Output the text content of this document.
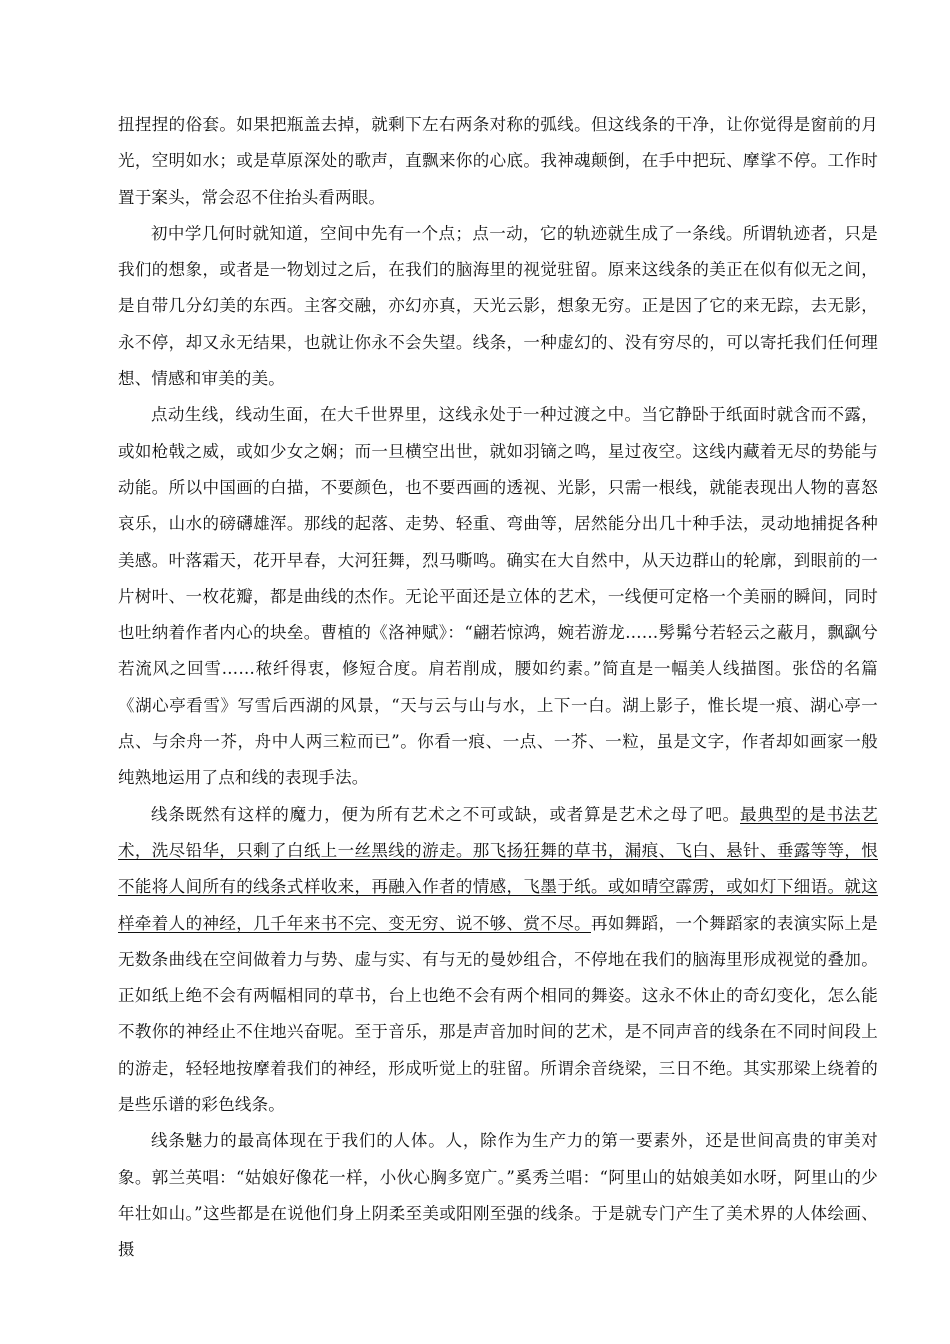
扭捏捏的俗套。如果把瓶盖去掉，就剩下左右两条对称的弧线。但这线条的干净，让你觉得是窗前的月光，空明如水；或是草原深处的歌声，直飘来你的心底。我神魂颠倒，在手中把玩、摩挲不停。工作时置于案头，常会忍不住抬头看两眼。

初中学几何时就知道，空间中先有一个点；点一动，它的轨迹就生成了一条线。所谓轨迹者，只是我们的想象，或者是一物划过之后，在我们的脑海里的视觉驻留。原来这线条的美正在似有似无之间，是自带几分幻美的东西。主客交融，亦幻亦真，天光云影，想象无穷。正是因了它的来无踪，去无影，永不停，却又永无结果，也就让你永不会失望。线条，一种虚幻的、没有穷尽的，可以寄托我们任何理想、情感和审美的美。

点动生线，线动生面，在大千世界里，这线永处于一种过渡之中。当它静卧于纸面时就含而不露，或如枪戟之威，或如少女之娴；而一旦横空出世，就如羽镝之鸣，星过夜空。这线内藏着无尽的势能与动能。所以中国画的白描，不要颜色，也不要西画的透视、光影，只需一根线，就能表现出人物的喜怒哀乐，山水的磅礴雄浑。那线的起落、走势、轻重、弯曲等，居然能分出几十种手法，灵动地捕捉各种美感。叶落霜天，花开早春，大河狂舞，烈马嘶鸣。确实在大自然中，从天边群山的轮廓，到眼前的一片树叶、一枚花瓣，都是曲线的杰作。无论平面还是立体的艺术，一线便可定格一个美丽的瞬间，同时也吐纳着作者内心的块垒。曹植的《洛神赋》：“翩若惊鸿，婉若游龙……髣髴兮若轻云之蔽月，飘飖兮若流风之回雪……秾纤得衷，修短合度。肩若削成，腰如约素。”简直是一幅美人线描图。张岱的名篇《湖心亭看雪》写雪后西湖的风景，“天与云与山与水，上下一白。湖上影子，惟长堤一痕、湖心亭一点、与余舟一芥，舟中人两三粒而已”。你看一痕、一点、一芥、一粒，虽是文字，作者却如画家一般纯熟地运用了点和线的表现手法。

线条既然有这样的魔力，便为所有艺术之不可或缺，或者算是艺术之母了吧。最典型的是书法艺术，洗尽铅华，只剩了白纸上一丝黑线的游走。那飞扬狂舞的草书，漏痕、飞白、悬针、垂露等等，恨不能将人间所有的线条式样收来，再融入作者的情感，飞墨于纸。或如晴空霹雳，或如灯下细语。就这样牵着人的神经，几千年来书不完、变无穷、说不够、赏不尽。再如舞蹈，一个舞蹈家的表演实际上是无数条曲线在空间做着力与势、虚与实、有与无的曼妙组合，不停地在我们的脑海里形成视觉的叠加。正如纸上绝不会有两幅相同的草书，台上也绝不会有两个相同的舞姿。这永不休止的奇幻变化，怎么能不教你的神经止不住地兴奋呢。至于音乐，那是声音加时间的艺术，是不同声音的线条在不同时间段上的游走，轻轻地按摩着我们的神经，形成听觉上的驻留。所谓余音绕梁，三日不绝。其实那梁上绕着的是些乐谱的彩色线条。

线条魅力的最高体现在于我们的人体。人，除作为生产力的第一要素外，还是世间高贵的审美对象。郭兰英唱：“姑娘好像花一样，小伙心胸多宽广。”奚秀兰唱：“阿里山的姑娘美如水呀，阿里山的少年壮如山。”这些都是在说他们身上阴柔至美或阳刚至强的线条。于是就专门产生了美术界的人体绘画、摄
